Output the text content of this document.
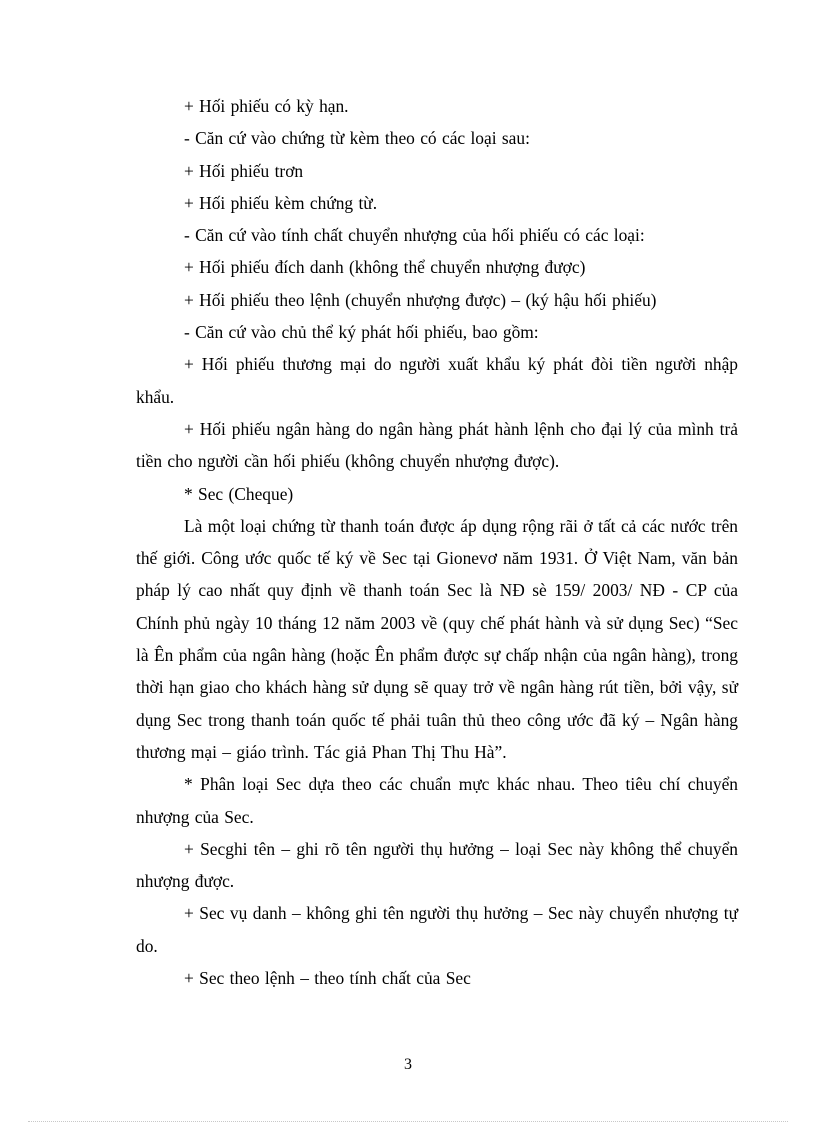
+ Hối phiếu có kỳ hạn.

- Căn cứ vào chứng từ kèm theo có các loại sau:

+ Hối phiếu trơn

+ Hối phiếu kèm chứng từ.

- Căn cứ vào tính chất chuyển nhượng của hối phiếu có các loại:

+ Hối phiếu đích danh (không thể chuyển nhượng được)

+ Hối phiếu theo lệnh (chuyển nhượng được) – (ký hậu hối phiếu)

- Căn cứ vào chủ thể ký phát hối phiếu, bao gồm:

+ Hối phiếu thương mại do người xuất khẩu ký phát đòi tiền người nhập khẩu.

+ Hối phiếu ngân hàng do ngân hàng phát hành lệnh cho đại lý của mình trả tiền cho người cần hối phiếu (không chuyển nhượng được).

* Sec (Cheque)

Là một loại chứng từ thanh toán được áp dụng rộng rãi ở tất cả các nước trên thế giới. Công ước quốc tế ký về Sec tại Gionevơ năm 1931. Ở Việt Nam, văn bản pháp lý cao nhất quy định về thanh toán Sec là NĐ sè 159/ 2003/ NĐ - CP của Chính phủ ngày 10 tháng 12 năm 2003 về (quy chế phát hành và sử dụng Sec) “Sec là Ên phẩm của ngân hàng (hoặc Ên phẩm được sự chấp nhận của ngân hàng), trong thời hạn giao cho khách hàng sử dụng sẽ quay trở về ngân hàng rút tiền, bởi vậy, sử dụng Sec trong thanh toán quốc tế phải tuân thủ theo công ước đã ký – Ngân hàng thương mại – giáo trình. Tác giả Phan Thị Thu Hà”.

* Phân loại Sec dựa theo các chuẩn mực khác nhau. Theo tiêu chí chuyển nhượng của Sec.

+ Secghi tên – ghi rõ tên người thụ hưởng – loại Sec này không thể chuyển nhượng được.

+ Sec vụ danh – không ghi tên người thụ hưởng – Sec này chuyển nhượng tự do.

+ Sec theo lệnh – theo tính chất của Sec

3
